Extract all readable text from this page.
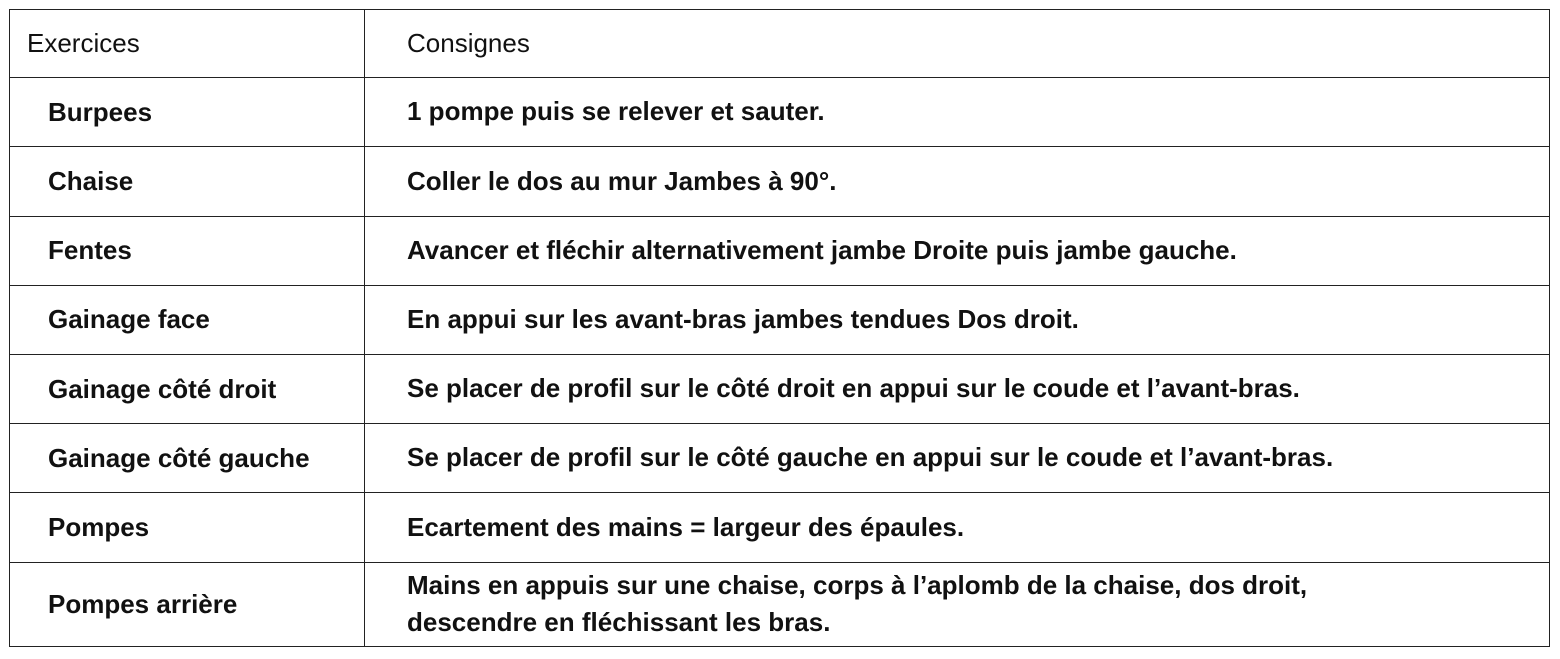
Exercices	Consignes
Burpees	1 pompe puis se relever et sauter.
Chaise	Coller le dos au mur Jambes à 90°.
Fentes	Avancer et fléchir alternativement jambe Droite puis jambe gauche.
Gainage face	En appui sur les avant-bras jambes tendues Dos droit.
Gainage côté droit	Se placer de profil sur le côté droit en appui sur le coude et l’avant-bras.
Gainage côté gauche	Se placer de profil sur le côté gauche en appui sur le coude et l’avant-bras.
Pompes	Ecartement des mains = largeur des épaules.
Pompes arrière	Mains en appuis sur une chaise, corps à l’aplomb de la chaise, dos droit,
descendre en fléchissant les bras.
